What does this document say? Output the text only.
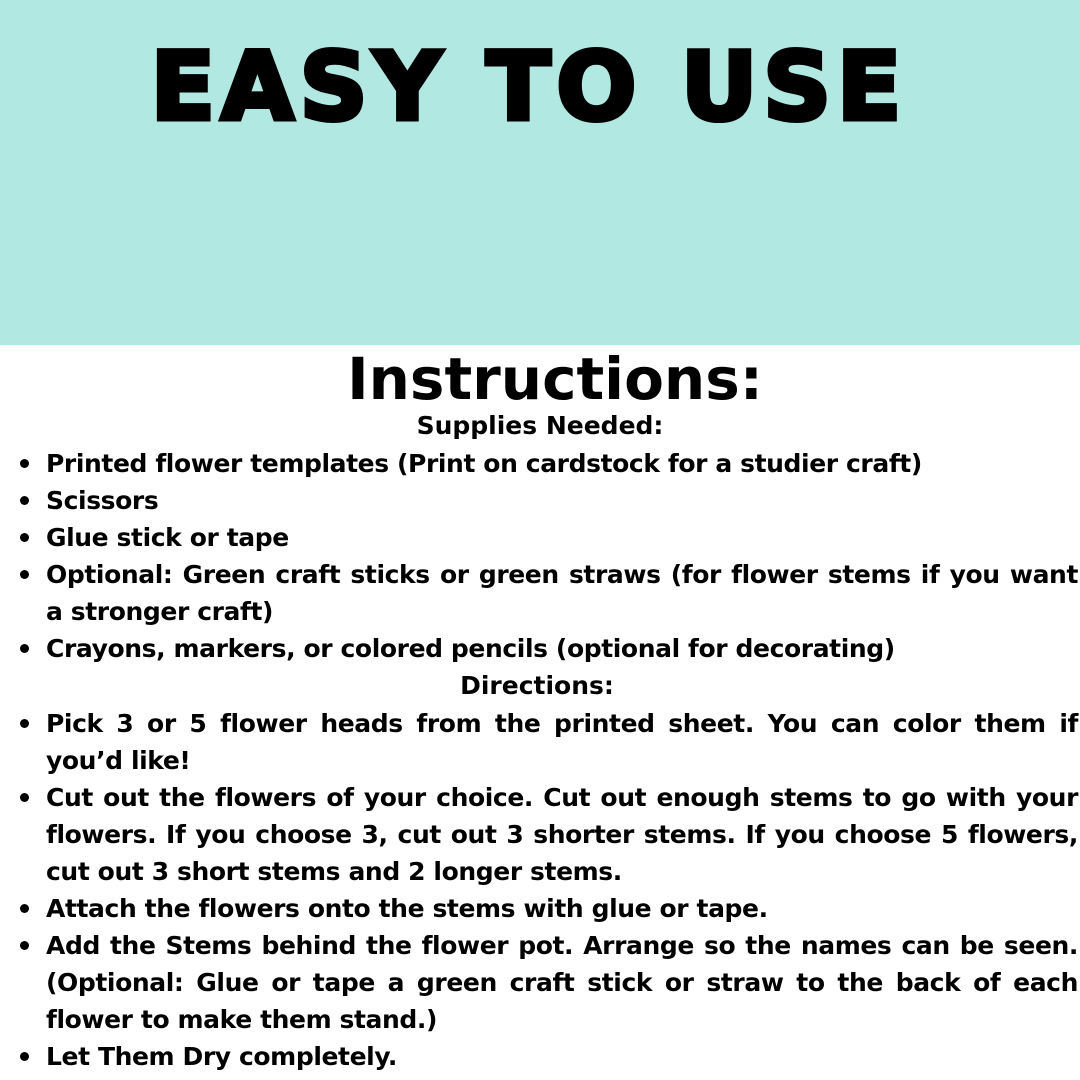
EASY TO USE
Instructions:
Supplies Needed:
Printed flower templates (Print on cardstock for a studier craft)
Scissors
Glue stick or tape
Optional: Green craft sticks or green straws (for flower stems if you want a stronger craft)
Crayons, markers, or colored pencils (optional for decorating)
Directions:
Pick 3 or 5 flower heads from the printed sheet. You can color them if you’d like!
Cut out the flowers of your choice. Cut out enough stems to go with your flowers. If you choose 3, cut out 3 shorter stems. If you choose 5 flowers, cut out 3 short stems and 2 longer stems.
Attach the flowers onto the stems with glue or tape.
Add the Stems behind the flower pot. Arrange so the names can be seen. (Optional: Glue or tape a green craft stick or straw to the back of each flower to make them stand.)
Let Them Dry completely.
